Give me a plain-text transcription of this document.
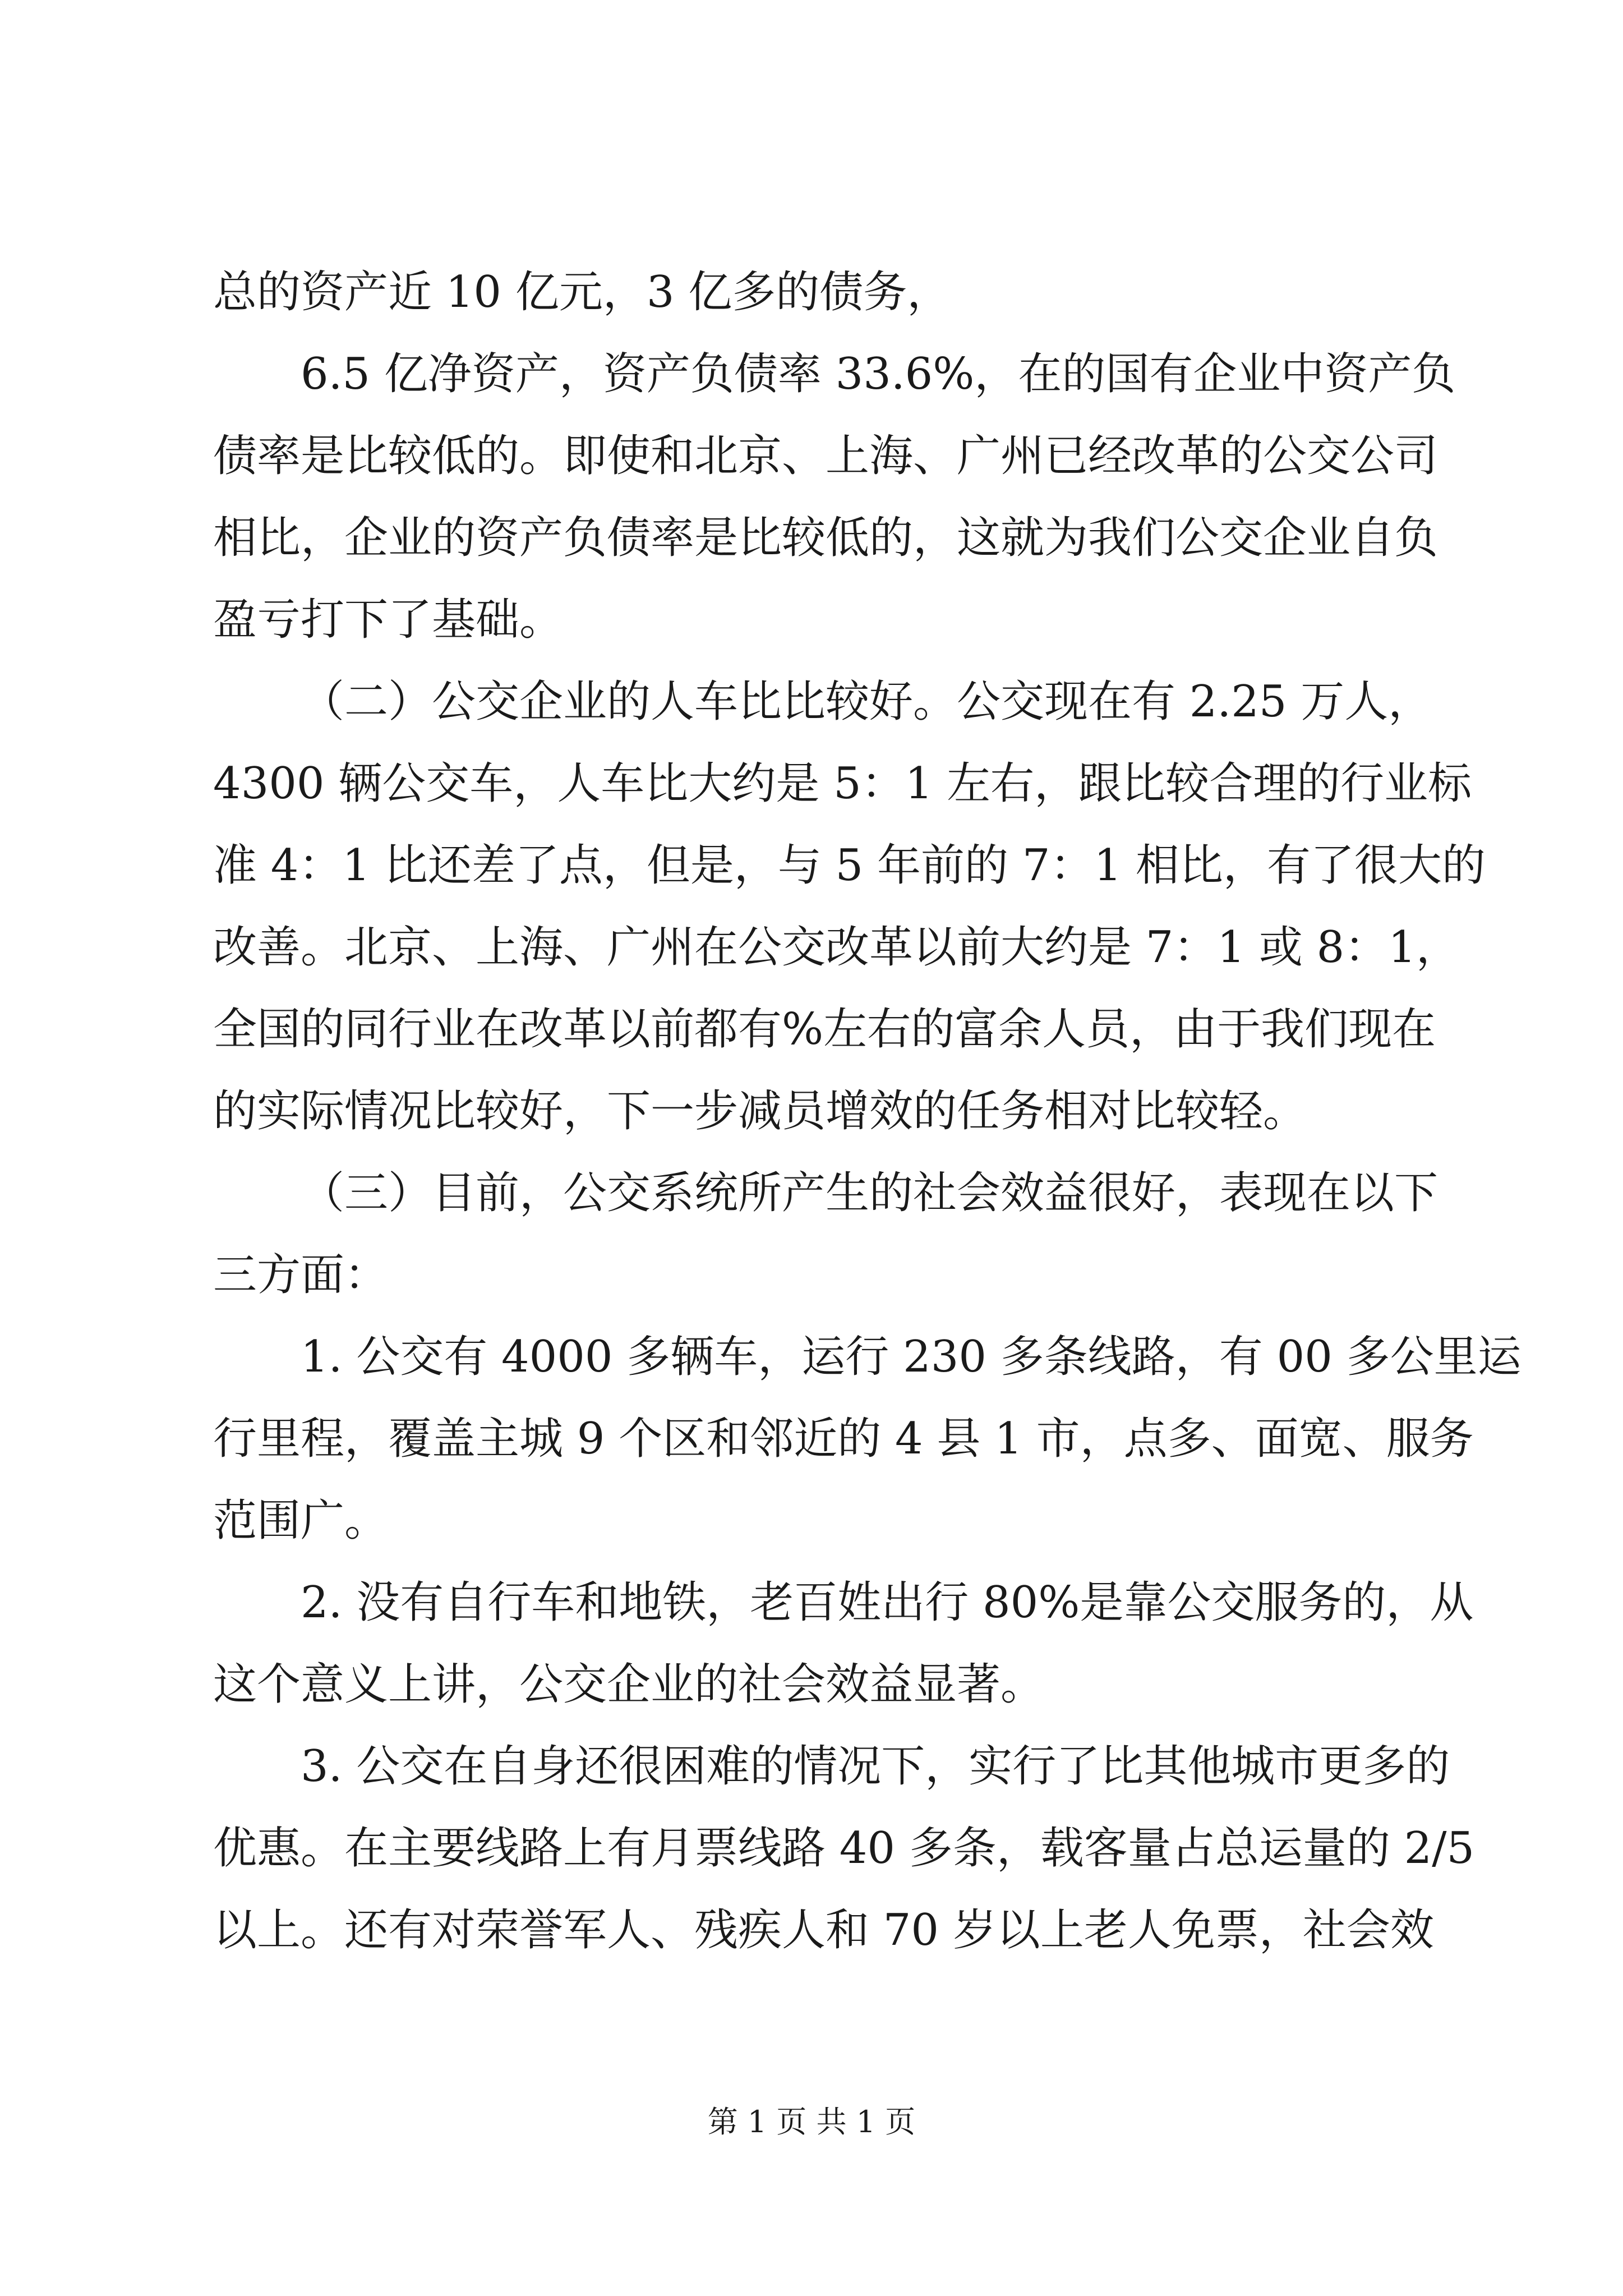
总的资产近 10 亿元，3 亿多的债务，
6.5 亿净资产，资产负债率 33.6%，在的国有企业中资产负
债率是比较低的。即使和北京、上海、广州已经改革的公交公司
相比，企业的资产负债率是比较低的，这就为我们公交企业自负
盈亏打下了基础。
（二）公交企业的人车比比较好。公交现在有 2.25 万人，
4300 辆公交车，人车比大约是 5：1 左右，跟比较合理的行业标
准 4：1 比还差了点，但是，与 5 年前的 7：1 相比，有了很大的
改善。北京、上海、广州在公交改革以前大约是 7：1 或 8：1，
全国的同行业在改革以前都有%左右的富余人员，由于我们现在
的实际情况比较好，下一步减员增效的任务相对比较轻。
（三）目前，公交系统所产生的社会效益很好，表现在以下
三方面：
1. 公交有 4000 多辆车，运行 230 多条线路，有 00 多公里运
行里程，覆盖主城 9 个区和邻近的 4 县 1 市，点多、面宽、服务
范围广。
2. 没有自行车和地铁，老百姓出行 80%是靠公交服务的，从
这个意义上讲，公交企业的社会效益显著。
3. 公交在自身还很困难的情况下，实行了比其他城市更多的
优惠。在主要线路上有月票线路 40 多条，载客量占总运量的 2/5
以上。还有对荣誉军人、残疾人和 70 岁以上老人免票，社会效
第 1 页 共 1 页
